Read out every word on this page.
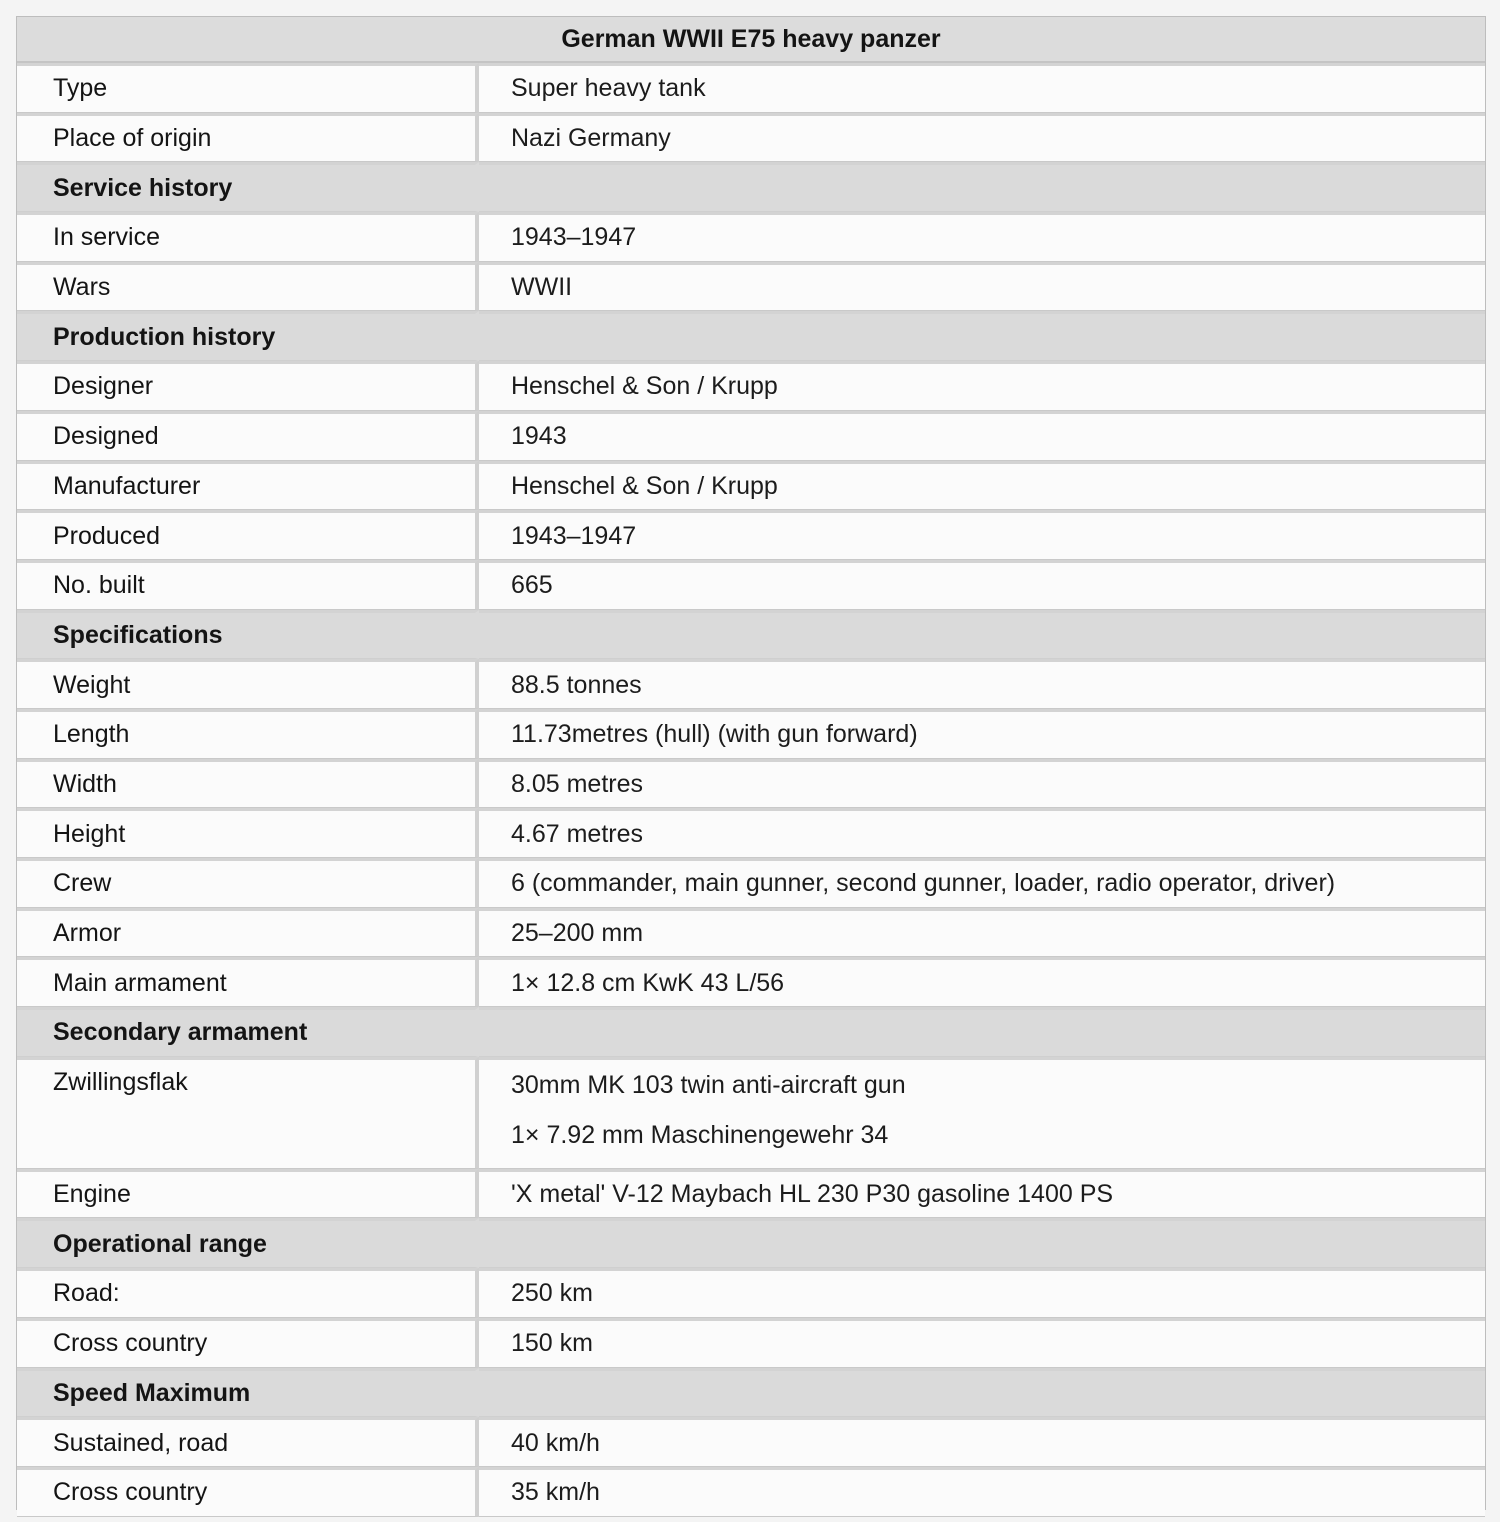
German WWII E75 heavy panzer
Type	Super heavy tank
Place of origin	Nazi Germany
Service history	
In service	1943–1947
Wars	WWII
Production history	
Designer	Henschel & Son / Krupp
Designed	1943
Manufacturer	Henschel & Son / Krupp
Produced	1943–1947
No. built	665
Specifications	
Weight	88.5 tonnes
Length	11.73metres (hull) (with gun forward)
Width	8.05 metres
Height	4.67 metres
Crew	6 (commander, main gunner, second gunner, loader, radio operator, driver)
Armor	25–200 mm
Main armament	1× 12.8 cm KwK 43 L/56
Secondary armament	
Zwillingsflak	30mm MK 103 twin anti-aircraft gun
1× 7.92 mm Maschinengewehr 34

Engine	'X metal' V-12 Maybach HL 230 P30 gasoline 1400 PS
Operational range	
Road:	250 km
Cross country	150 km
Speed Maximum	
Sustained, road	40 km/h
Cross country	35 km/h
